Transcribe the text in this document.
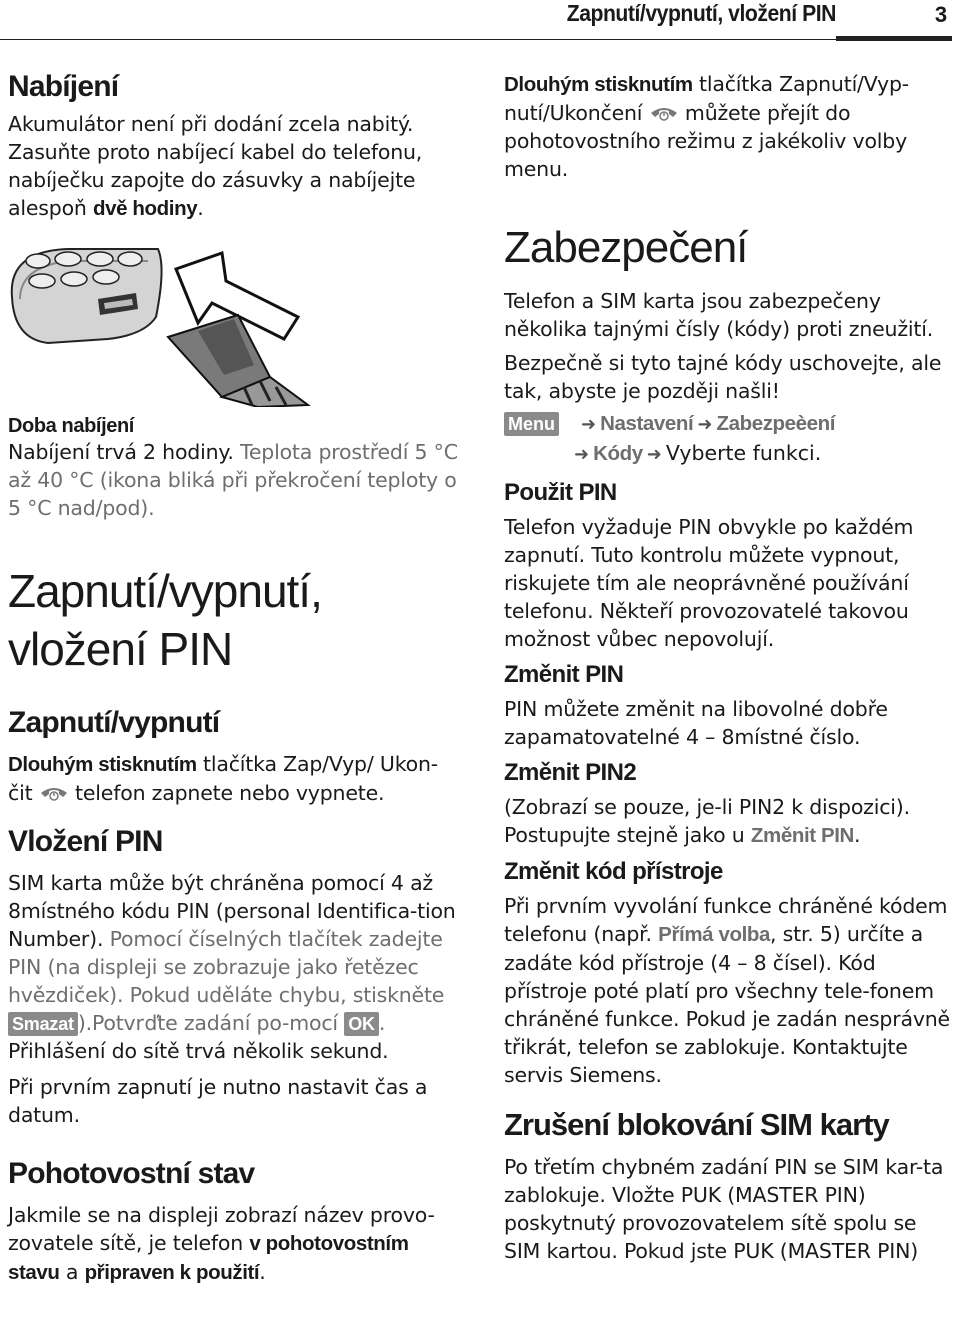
Zapnutí/vypnutí, vložení PIN	3
Nabíjení

Akumulátor není při dodání zcela nabitý. Zasuňte proto nabíjecí kabel do telefonu, nabíječku zapojte do zásuvky a nabíjejte alespoň dvě hodiny.

Doba nabíjení

Nabíjení trvá 2 hodiny. Teplota prostředí 5 °C až 40 °C (ikona bliká při překročení teploty o 5 °C nad/pod).

Zapnutí/vypnutí,
vložení PIN
Zapnutí/vypnutí

Dlouhým stisknutím tlačítka Zap/Vyp/ Ukon-
čit  telefon zapnete nebo vypnete.

Vložení PIN

SIM karta může být chráněna pomocí 4 až 8místného kódu PIN (personal Identifica-tion Number). Pomocí číselných tlačítek zadejte PIN (na displeji se zobrazuje jako řetězec hvězdiček). Pokud uděláte chybu, stiskněte Smazat ).Potvrďte zadání po-mocí OK . Přihlášení do sítě trvá několik sekund.

Při prvním zapnutí je nutno nastavit čas a datum.

Pohotovostní stav

Jakmile se na displeji zobrazí název provo-zovatele sítě, je telefon v pohotovostním stavu a připraven k použití.

Dlouhým stisknutím tlačítka Zapnutí/Vyp-nutí/Ukončení  můžete přejít do pohotovostního režimu z jakékoliv volby menu.

Zabezpečení

Telefon a SIM karta jsou zabezpečeny několika tajnými čísly (kódy) proti zneužití.

Bezpečně si tyto tajné kódy uschovejte, ale tak, abyste je později našli!

Menu ➜ Nastavení ➜ Zabezpeèení

➜ Kódy ➜ Vyberte funkci.

Použit PIN

Telefon vyžaduje PIN obvykle po každém zapnutí. Tuto kontrolu můžete vypnout, riskujete tím ale neoprávněné používání telefonu. Někteří provozovatelé takovou možnost vůbec nepovolují.

Změnit PIN

PIN můžete změnit na libovolné dobře zapamatovatelné 4 – 8místné číslo.

Změnit PIN2

(Zobrazí se pouze, je-li PIN2 k dispozici). Postupujte stejně jako u Změnit PIN.

Změnit kód přístroje

Při prvním vyvolání funkce chráněné kódem telefonu (např. Přímá volba, str. 5) určíte a zadáte kód přístroje (4 – 8 čísel). Kód přístroje poté platí pro všechny tele-fonem chráněné funkce. Pokud je zadán nesprávně třikrát, telefon se zablokuje. Kontaktujte servis Siemens.

Zrušení blokování SIM karty

Po třetím chybném zadání PIN se SIM kar-ta zablokuje. Vložte PUK (MASTER PIN) poskytnutý provozovatelem sítě spolu se SIM kartou. Pokud jste PUK (MASTER PIN)
